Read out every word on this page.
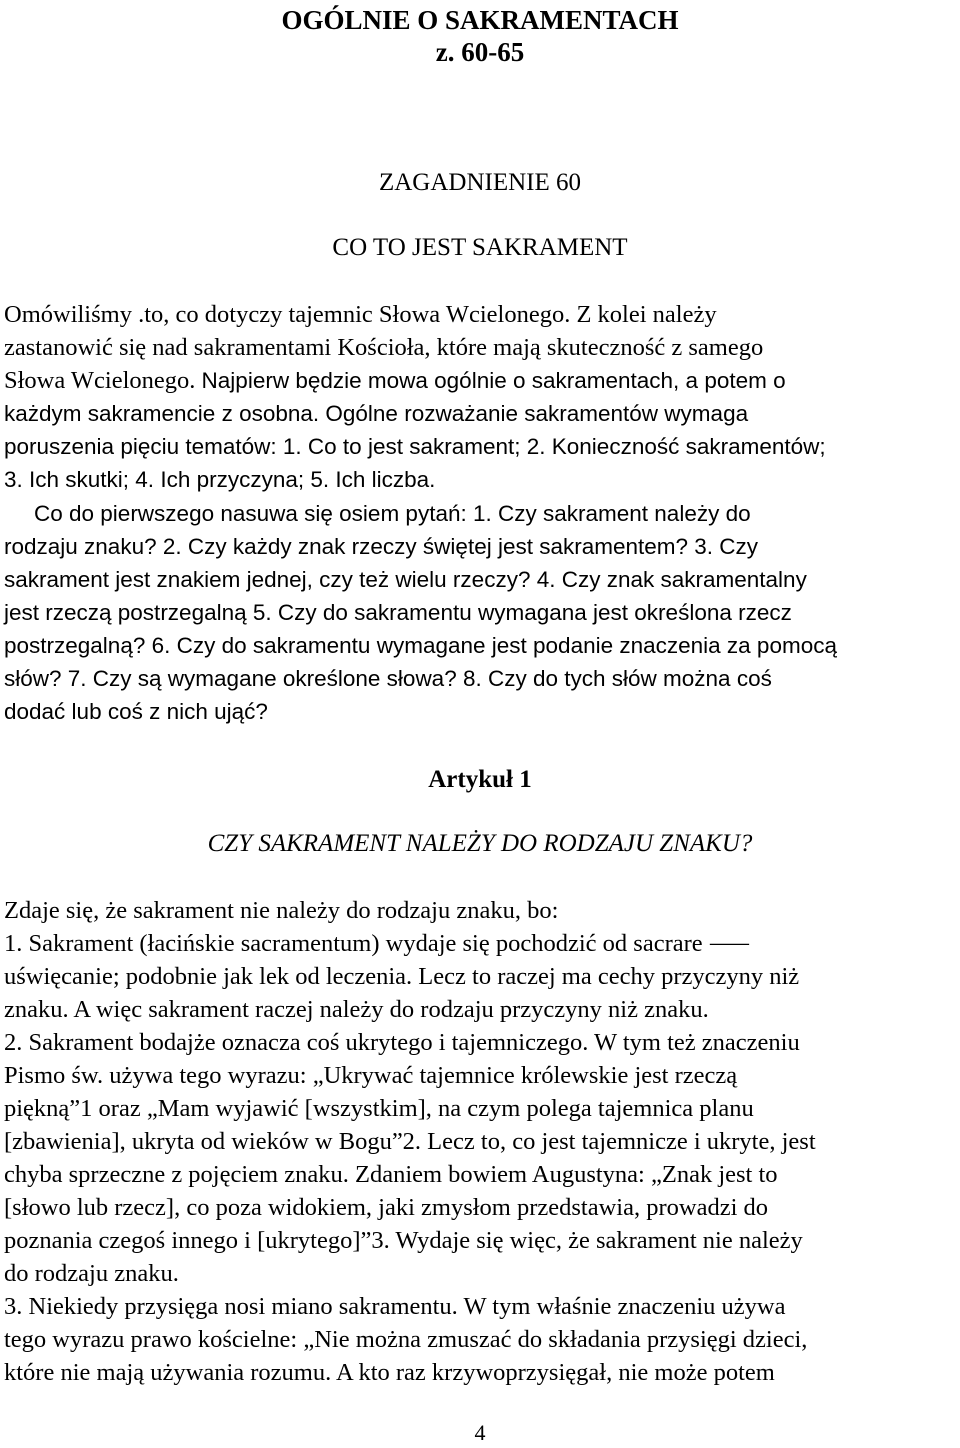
OGÓLNIE O SAKRAMENTACH
z. 60-65
ZAGADNIENIE 60
CO TO JEST SAKRAMENT
Omówiliśmy .to, co dotyczy tajemnic Słowa Wcielonego. Z kolei należy
zastanowić się nad sakramentami Kościoła, które mają skuteczność z samego
Słowa Wcielonego. Najpierw będzie mowa ogólnie o sakramentach, a potem o
każdym sakramencie z osobna. Ogólne rozważanie sakramentów wymaga
poruszenia pięciu tematów: 1. Co to jest sakrament; 2. Konieczność sakramentów;
3. Ich skutki; 4. Ich przyczyna; 5. Ich liczba.
Co do pierwszego nasuwa się osiem pytań: 1. Czy sakrament należy do
rodzaju znaku? 2. Czy każdy znak rzeczy świętej jest sakramentem? 3. Czy
sakrament jest znakiem jednej, czy też wielu rzeczy? 4. Czy znak sakramentalny
jest rzeczą postrzegalną 5. Czy do sakramentu wymagana jest określona rzecz
postrzegalną? 6. Czy do sakramentu wymagane jest podanie znaczenia za pomocą
słów? 7. Czy są wymagane określone słowa? 8. Czy do tych słów można coś
dodać lub coś z nich ująć?
Artykuł 1
CZY SAKRAMENT NALEŻY DO RODZAJU ZNAKU?
Zdaje się, że sakrament nie należy do rodzaju znaku, bo:
1. Sakrament (łacińskie sacramentum) wydaje się pochodzić od sacrare ⸺
uświęcanie; podobnie jak lek od leczenia. Lecz to raczej ma cechy przyczyny niż
znaku. A więc sakrament raczej należy do rodzaju przyczyny niż znaku.
2. Sakrament bodajże oznacza coś ukrytego i tajemniczego. W tym też znaczeniu
Pismo św. używa tego wyrazu: „Ukrywać tajemnice królewskie jest rzeczą
piękną”1 oraz „Mam wyjawić [wszystkim], na czym polega tajemnica planu
[zbawienia], ukryta od wieków w Bogu”2. Lecz to, co jest tajemnicze i ukryte, jest
chyba sprzeczne z pojęciem znaku. Zdaniem bowiem Augustyna: „Znak jest to
[słowo lub rzecz], co poza widokiem, jaki zmysłom przedstawia, prowadzi do
poznania czegoś innego i [ukrytego]”3. Wydaje się więc, że sakrament nie należy
do rodzaju znaku.
3. Niekiedy przysięga nosi miano sakramentu. W tym właśnie znaczeniu używa
tego wyrazu prawo kościelne: „Nie można zmuszać do składania przysięgi dzieci,
które nie mają używania rozumu. A kto raz krzywoprzysięgał, nie może potem
4
